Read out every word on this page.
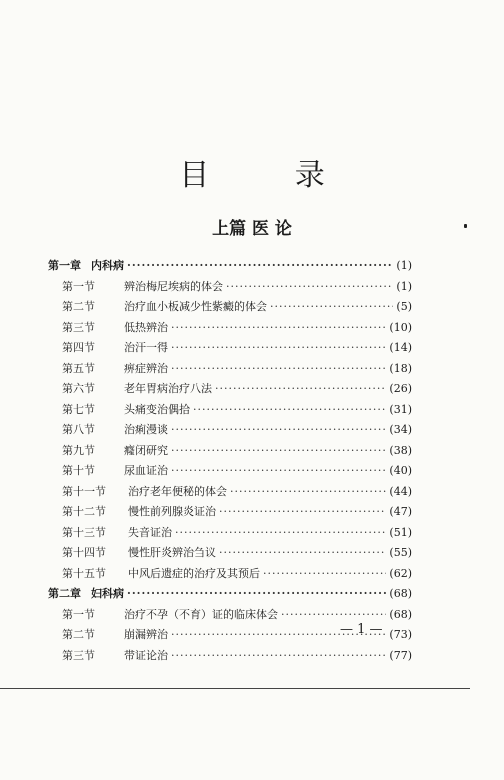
目 录
上篇 医 论
第一章 内科病 ·····	(1)
第一节	辨治梅尼埃病的体会 ·····	(1)
第二节	治疗血小板减少性紫癜的体会 ·····	(5)
第三节	低热辨治 ·····	(10)
第四节	治汗一得 ·····	(14)
第五节	痹症辨治 ·····	(18)
第六节	老年胃病治疗八法 ·····	(26)
第七节	头痛变治偶拾 ·····	(31)
第八节	治痢漫谈 ·····	(34)
第九节	癃闭研究 ·····	(38)
第十节	尿血证治 ·····	(40)
第十一节	治疗老年便秘的体会 ·····	(44)
第十二节	慢性前列腺炎证治 ·····	(47)
第十三节	失音证治 ·····	(51)
第十四节	慢性肝炎辨治刍议 ·····	(55)
第十五节	中风后遗症的治疗及其预后 ·····	(62)
第二章 妇科病 ·····	(68)
第一节	治疗不孕（不育）证的临床体会 ·····	(68)
第二节	崩漏辨治 ·····	(73)
第三节	带证论治 ·····	(77)
— 1 —
